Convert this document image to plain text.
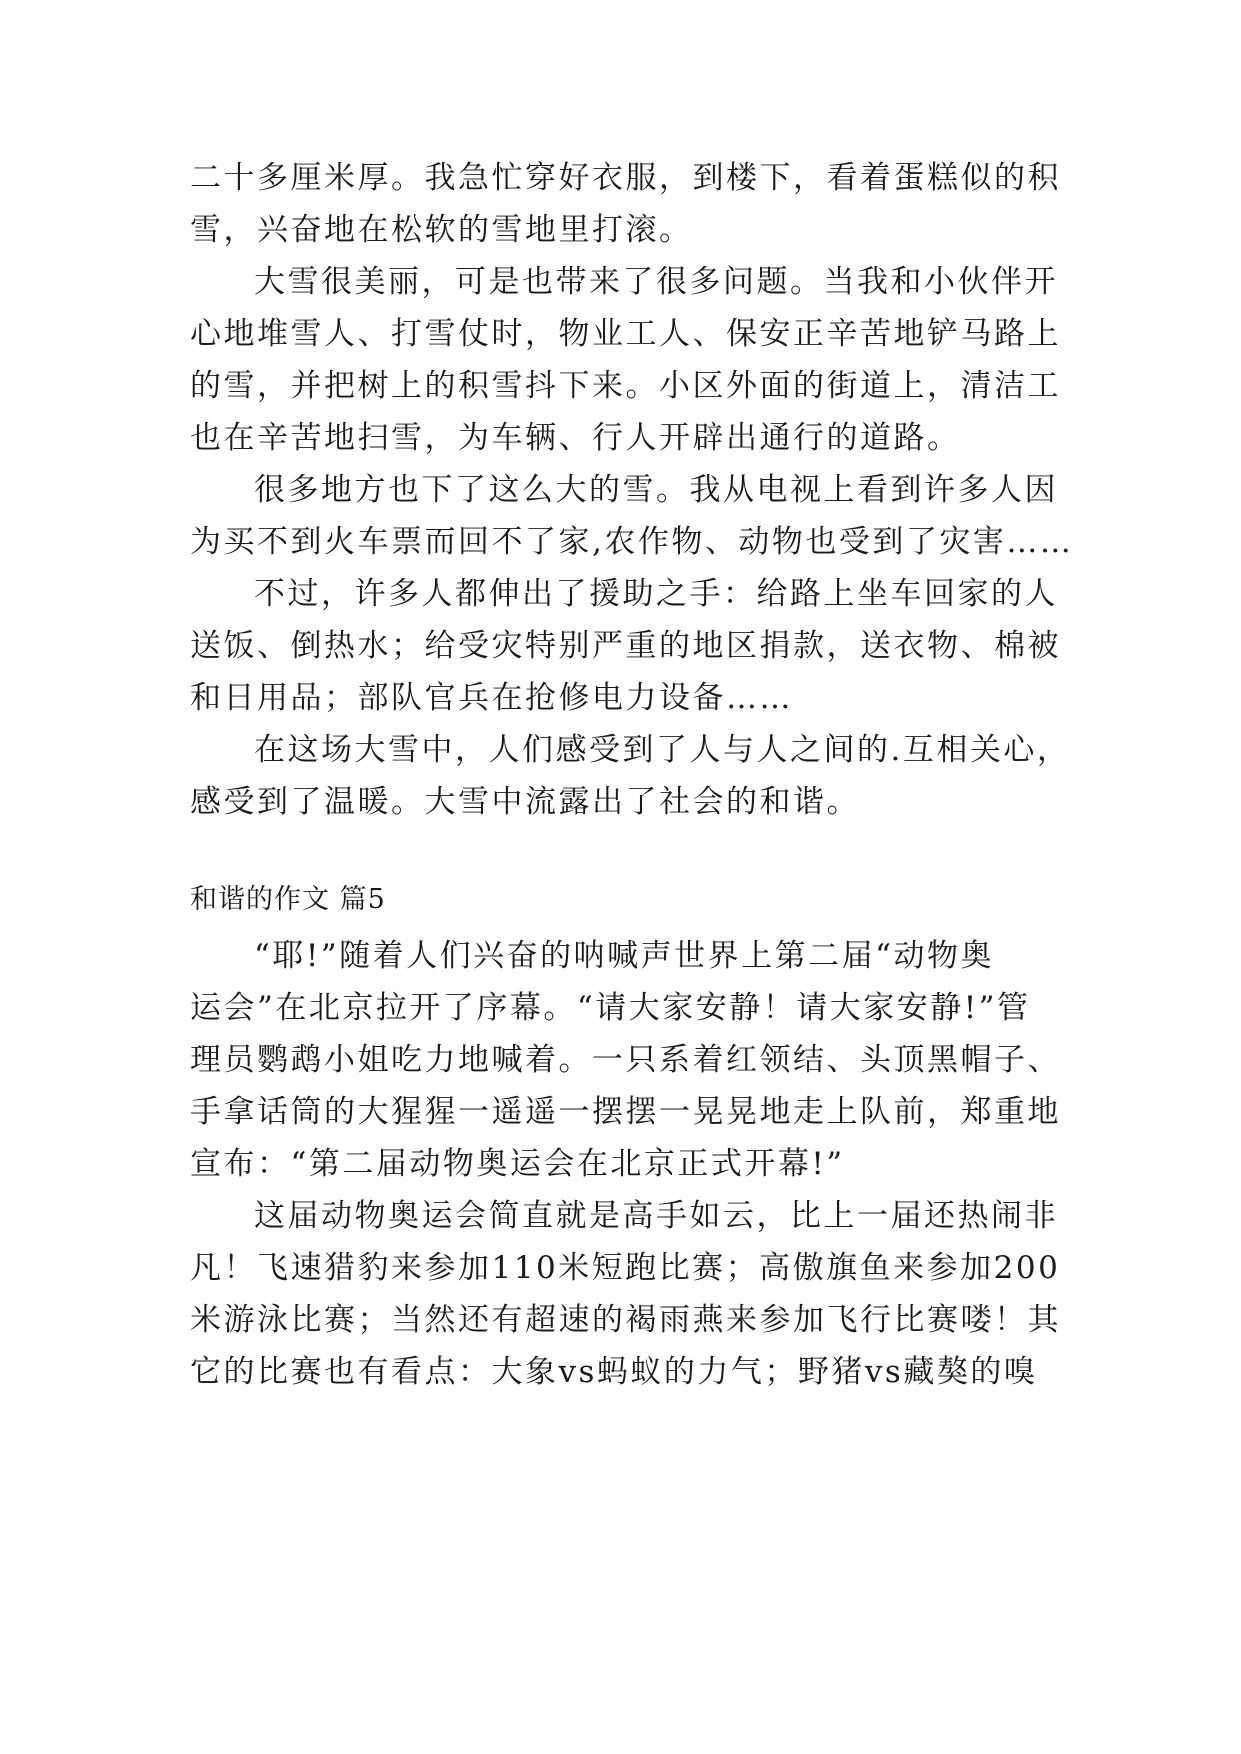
二十多厘米厚。我急忙穿好衣服，到楼下，看着蛋糕似的积
雪，兴奋地在松软的雪地里打滚。
大雪很美丽，可是也带来了很多问题。当我和小伙伴开
心地堆雪人、打雪仗时，物业工人、保安正辛苦地铲马路上
的雪，并把树上的积雪抖下来。小区外面的街道上，清洁工
也在辛苦地扫雪，为车辆、行人开辟出通行的道路。
很多地方也下了这么大的雪。我从电视上看到许多人因
为买不到火车票而回不了家,农作物、动物也受到了灾害……
不过，许多人都伸出了援助之手：给路上坐车回家的人
送饭、倒热水；给受灾特别严重的地区捐款，送衣物、棉被
和日用品；部队官兵在抢修电力设备……
在这场大雪中，人们感受到了人与人之间的.互相关心，
感受到了温暖。大雪中流露出了社会的和谐。
和谐的作文 篇5
“耶!”随着人们兴奋的呐喊声世界上第二届“动物奥
运会”在北京拉开了序幕。“请大家安静！请大家安静!”管
理员鹦鹉小姐吃力地喊着。一只系着红领结、头顶黑帽子、
手拿话筒的大猩猩一遥遥一摆摆一晃晃地走上队前，郑重地
宣布：“第二届动物奥运会在北京正式开幕!”
这届动物奥运会简直就是高手如云，比上一届还热闹非
凡！飞速猎豹来参加110米短跑比赛；高傲旗鱼来参加200
米游泳比赛；当然还有超速的褐雨燕来参加飞行比赛喽！其
它的比赛也有看点：大象vs蚂蚁的力气；野猪vs藏獒的嗅
